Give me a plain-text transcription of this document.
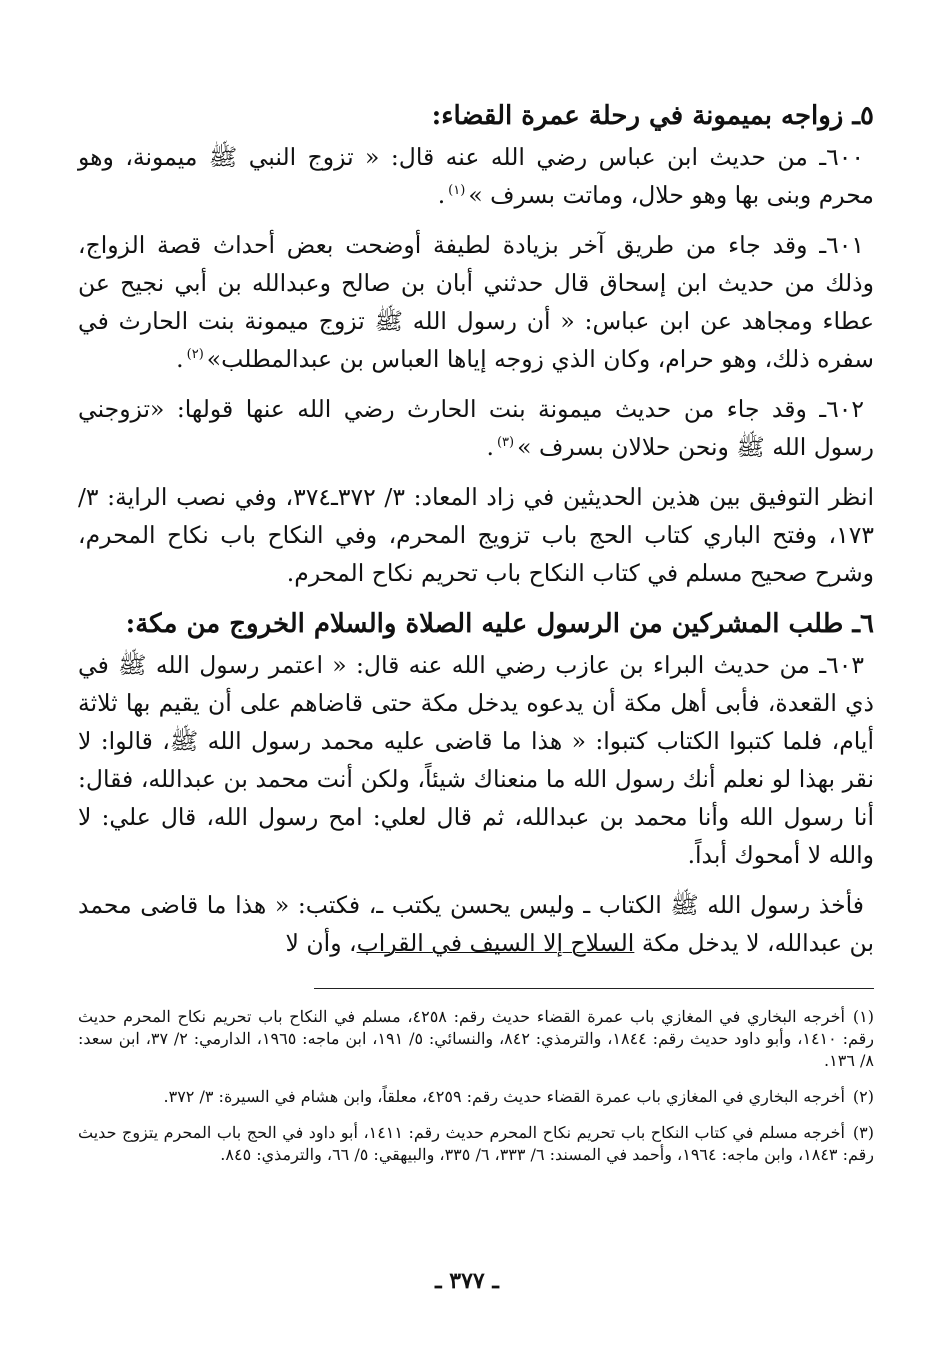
٥ـ زواجه بميمونة في رحلة عمرة القضاء:

٦٠٠ـ من حديث ابن عباس رضي الله عنه قال: « تزوج النبي ﷺ ميمونة، وهو محرم وبنى بها وهو حلال، وماتت بسرف »$^{(١)}$.

٦٠١ـ وقد جاء من طريق آخر بزيادة لطيفة أوضحت بعض أحداث قصة الزواج، وذلك من حديث ابن إسحاق قال حدثني أبان بن صالح وعبدالله بن أبي نجيح عن عطاء ومجاهد عن ابن عباس: « أن رسول الله ﷺ تزوج ميمونة بنت الحارث في سفره ذلك، وهو حرام، وكان الذي زوجه إياها العباس بن عبدالمطلب»$^{(٢)}$.

٦٠٢ـ وقد جاء من حديث ميمونة بنت الحارث رضي الله عنها قولها: «تزوجني رسول الله ﷺ ونحن حلالان بسرف »$^{(٣)}$.

انظر التوفيق بين هذين الحديثين في زاد المعاد: ٣/ ٣٧٢ـ٣٧٤، وفي نصب الراية: ٣/ ١٧٣، وفتح الباري كتاب الحج باب تزويج المحرم، وفي النكاح باب نكاح المحرم، وشرح صحيح مسلم في كتاب النكاح باب تحريم نكاح المحرم.

٦ـ طلب المشركين من الرسول عليه الصلاة والسلام الخروج من مكة:

٦٠٣ـ من حديث البراء بن عازب رضي الله عنه قال: « اعتمر رسول الله ﷺ في ذي القعدة، فأبى أهل مكة أن يدعوه يدخل مكة حتى قاضاهم على أن يقيم بها ثلاثة أيام، فلما كتبوا الكتاب كتبوا: « هذا ما قاضى عليه محمد رسول الله ﷺ، قالوا: لا نقر بهذا لو نعلم أنك رسول الله ما منعناك شيئاً، ولكن أنت محمد بن عبدالله، فقال: أنا رسول الله وأنا محمد بن عبدالله، ثم قال لعلي: امح رسول الله، قال علي: لا والله لا أمحوك أبداً.

فأخذ رسول الله ﷺ الكتاب ـ وليس يحسن يكتب ـ، فكتب: « هذا ما قاضى محمد بن عبدالله، لا يدخل مكة السلاح إلا السيف في القراب، وأن لا

(١)أخرجه البخاري في المغازي باب عمرة القضاء حديث رقم: ٤٢٥٨، مسلم في النكاح باب تحريم نكاح المحرم حديث رقم: ١٤١٠، وأبو داود حديث رقم: ١٨٤٤، والترمذي: ٨٤٢، والنسائي: ٥/ ١٩١، ابن ماجه: ١٩٦٥، الدارمي: ٢/ ٣٧، ابن سعد: ٨/ ١٣٦.

(٢)أخرجه البخاري في المغازي باب عمرة القضاء حديث رقم: ٤٢٥٩، معلقاً، وابن هشام في السيرة: ٣/ ٣٧٢.

(٣)أخرجه مسلم في كتاب النكاح باب تحريم نكاح المحرم حديث رقم: ١٤١١، أبو داود في الحج باب المحرم يتزوج حديث رقم: ١٨٤٣، وابن ماجه: ١٩٦٤، وأحمد في المسند: ٦/ ٣٣٣، ٦/ ٣٣٥، والبيهقي: ٥/ ٦٦، والترمذي: ٨٤٥.

ـ ٣٧٧ ـ
